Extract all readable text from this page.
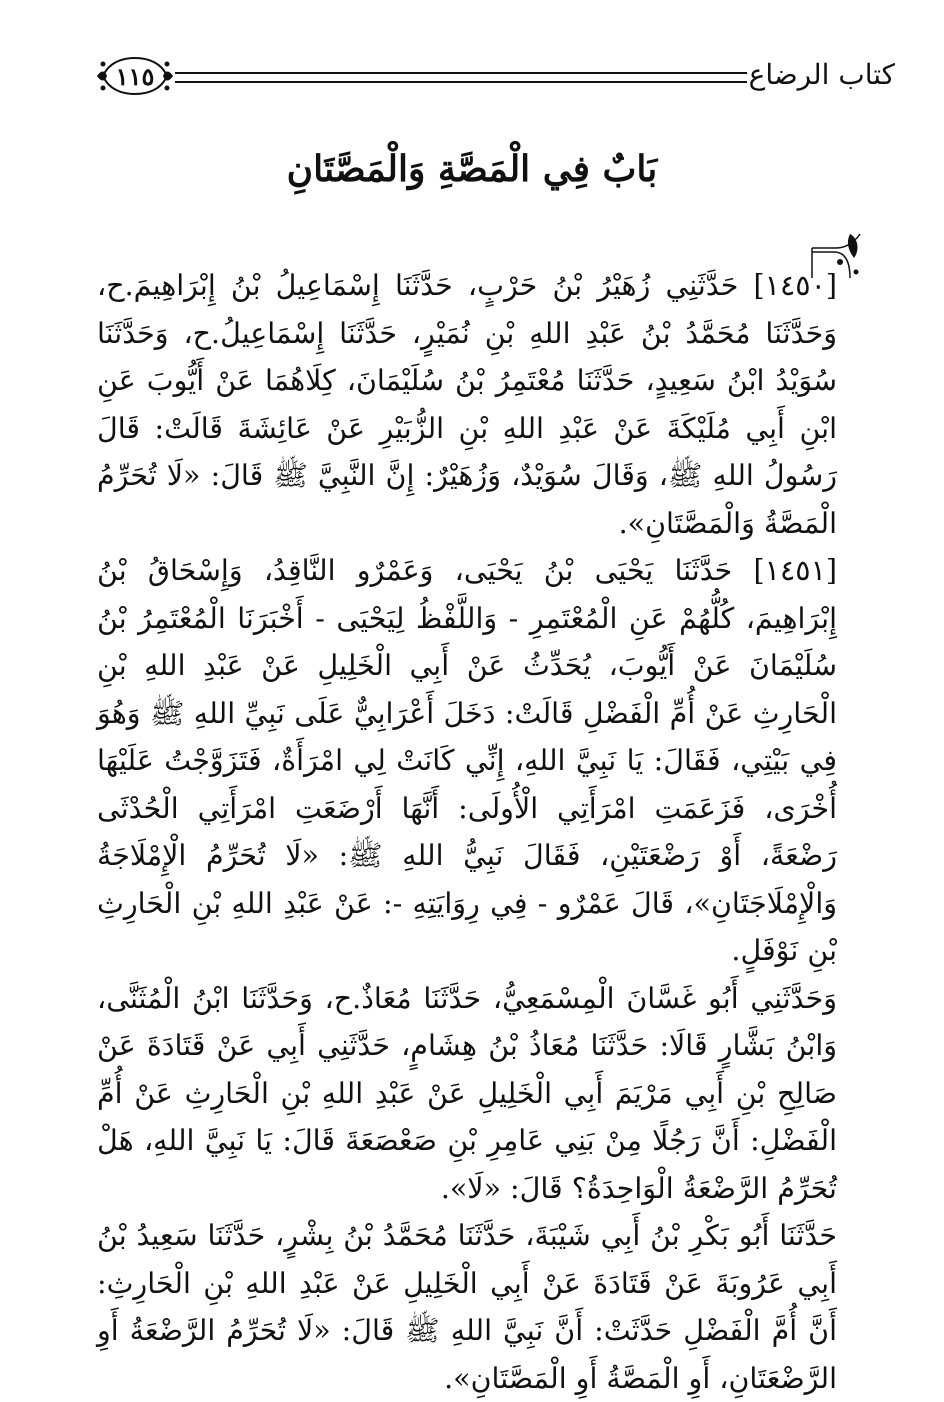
١١٥	كتاب الرضاع
بَابٌ فِي الْمَصَّةِ وَالْمَصَّتَانِ

[١٤٥٠] حَدَّثَنِي زُهَيْرُ بْنُ حَرْبٍ، حَدَّثَنَا إِسْمَاعِيلُ بْنُ إِبْرَاهِيمَ.ح، وَحَدَّثَنَا مُحَمَّدُ بْنُ عَبْدِ اللهِ بْنِ نُمَيْرٍ، حَدَّثَنَا إِسْمَاعِيلُ.ح، وَحَدَّثَنَا سُوَيْدُ ابْنُ سَعِيدٍ، حَدَّثَنَا مُعْتَمِرُ بْنُ سُلَيْمَانَ، كِلَاهُمَا عَنْ أَيُّوبَ عَنِ ابْنِ أَبِي مُلَيْكَةَ عَنْ عَبْدِ اللهِ بْنِ الزُّبَيْرِ عَنْ عَائِشَةَ قَالَتْ: قَالَ رَسُولُ اللهِ ﷺ، وَقَالَ سُوَيْدٌ، وَزُهَيْرٌ: إِنَّ النَّبِيَّ ﷺ قَالَ: «لَا تُحَرِّمُ الْمَصَّةُ وَالْمَصَّتَانِ».

[١٤٥١] حَدَّثَنَا يَحْيَى بْنُ يَحْيَى، وَعَمْرٌو النَّاقِدُ، وَإِسْحَاقُ بْنُ إِبْرَاهِيمَ، كُلُّهُمْ عَنِ الْمُعْتَمِرِ - وَاللَّفْظُ لِيَحْيَى - أَخْبَرَنَا الْمُعْتَمِرُ بْنُ سُلَيْمَانَ عَنْ أَيُّوبَ، يُحَدِّثُ عَنْ أَبِي الْخَلِيلِ عَنْ عَبْدِ اللهِ بْنِ الْحَارِثِ عَنْ أُمِّ الْفَضْلِ قَالَتْ: دَخَلَ أَعْرَابِيٌّ عَلَى نَبِيِّ اللهِ ﷺ وَهُوَ فِي بَيْتِي، فَقَالَ: يَا نَبِيَّ اللهِ، إِنِّي كَانَتْ لِي امْرَأَةٌ، فَتَزَوَّجْتُ عَلَيْهَا أُخْرَى، فَزَعَمَتِ امْرَأَتِي الْأُولَى: أَنَّهَا أَرْضَعَتِ امْرَأَتِي الْحُدْثَى رَضْعَةً، أَوْ رَضْعَتَيْنِ، فَقَالَ نَبِيُّ اللهِ ﷺ: «لَا تُحَرِّمُ الْإِمْلَاجَةُ وَالْإِمْلَاجَتَانِ»، قَالَ عَمْرٌو - فِي رِوَايَتِهِ -: عَنْ عَبْدِ اللهِ بْنِ الْحَارِثِ بْنِ نَوْفَلٍ.

وَحَدَّثَنِي أَبُو غَسَّانَ الْمِسْمَعِيُّ، حَدَّثَنَا مُعَاذٌ.ح، وَحَدَّثَنَا ابْنُ الْمُثَنَّى، وَابْنُ بَشَّارٍ قَالَا: حَدَّثَنَا مُعَاذُ بْنُ هِشَامٍ، حَدَّثَنِي أَبِي عَنْ قَتَادَةَ عَنْ صَالِحِ بْنِ أَبِي مَرْيَمَ أَبِي الْخَلِيلِ عَنْ عَبْدِ اللهِ بْنِ الْحَارِثِ عَنْ أُمِّ الْفَضْلِ: أَنَّ رَجُلًا مِنْ بَنِي عَامِرِ بْنِ صَعْصَعَةَ قَالَ: يَا نَبِيَّ اللهِ، هَلْ تُحَرِّمُ الرَّضْعَةُ الْوَاحِدَةُ؟ قَالَ: «لَا».

حَدَّثَنَا أَبُو بَكْرِ بْنُ أَبِي شَيْبَةَ، حَدَّثَنَا مُحَمَّدُ بْنُ بِشْرٍ، حَدَّثَنَا سَعِيدُ بْنُ أَبِي عَرُوبَةَ عَنْ قَتَادَةَ عَنْ أَبِي الْخَلِيلِ عَنْ عَبْدِ اللهِ بْنِ الْحَارِثِ: أَنَّ أُمَّ الْفَضْلِ حَدَّثَتْ: أَنَّ نَبِيَّ اللهِ ﷺ قَالَ: «لَا تُحَرِّمُ الرَّضْعَةُ أَوِ الرَّضْعَتَانِ، أَوِ الْمَصَّةُ أَوِ الْمَصَّتَانِ».
